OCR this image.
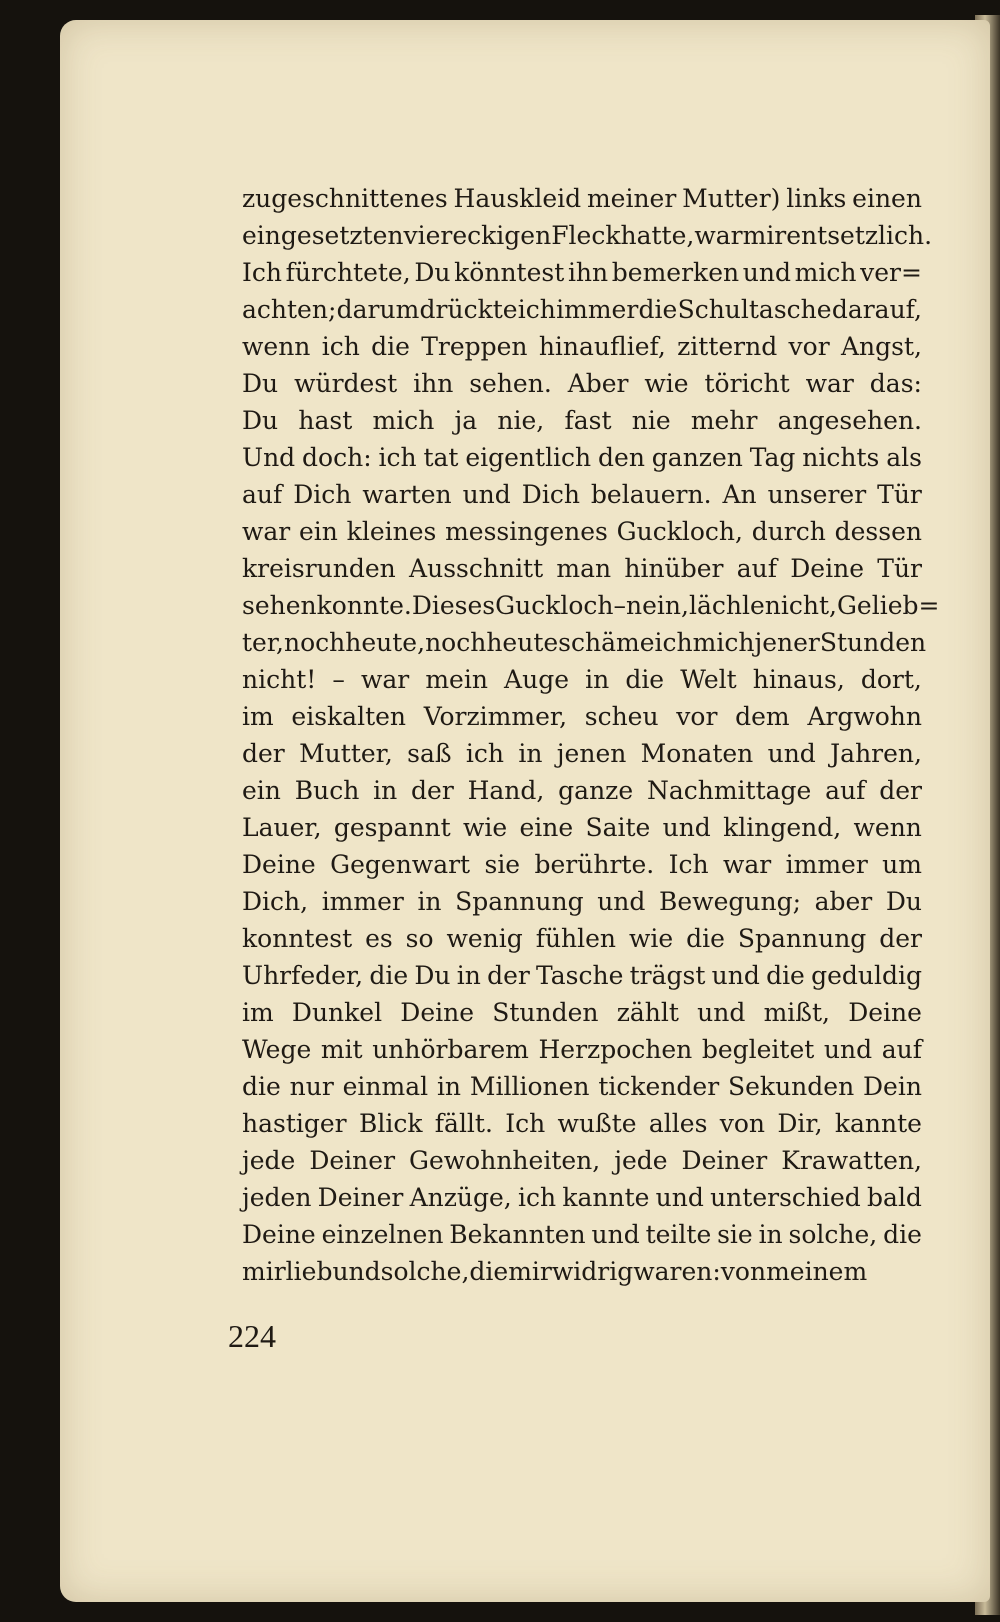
zugeschnittenes Hauskleid meiner Mutter) links einen
eingesetzten viereckigen Fleck hatte, war mir entsetzlich.
Ich fürchtete, Du könntest ihn bemerken und mich ver=
achten; darum drückte ich immer die Schultasche darauf,
wenn ich die Treppen hinauflief, zitternd vor Angst,
Du würdest ihn sehen. Aber wie töricht war das:
Du hast mich ja nie, fast nie mehr angesehen.
Und doch: ich tat eigentlich den ganzen Tag nichts als
auf Dich warten und Dich belauern. An unserer Tür
war ein kleines messingenes Guckloch, durch dessen
kreisrunden Ausschnitt man hinüber auf Deine Tür
sehen konnte. Dieses Guckloch – nein, lächle nicht, Gelieb=
ter, noch heute, noch heute schäme ich mich jener Stunden
nicht! – war mein Auge in die Welt hinaus, dort,
im eiskalten Vorzimmer, scheu vor dem Argwohn
der Mutter, saß ich in jenen Monaten und Jahren,
ein Buch in der Hand, ganze Nachmittage auf der
Lauer, gespannt wie eine Saite und klingend, wenn
Deine Gegenwart sie berührte. Ich war immer um
Dich, immer in Spannung und Bewegung; aber Du
konntest es so wenig fühlen wie die Spannung der
Uhrfeder, die Du in der Tasche trägst und die geduldig
im Dunkel Deine Stunden zählt und mißt, Deine
Wege mit unhörbarem Herzpochen begleitet und auf
die nur einmal in Millionen tickender Sekunden Dein
hastiger Blick fällt. Ich wußte alles von Dir, kannte
jede Deiner Gewohnheiten, jede Deiner Krawatten,
jeden Deiner Anzüge, ich kannte und unterschied bald
Deine einzelnen Bekannten und teilte sie in solche, die
mir lieb und solche, die mir widrig waren: von meinem
224
